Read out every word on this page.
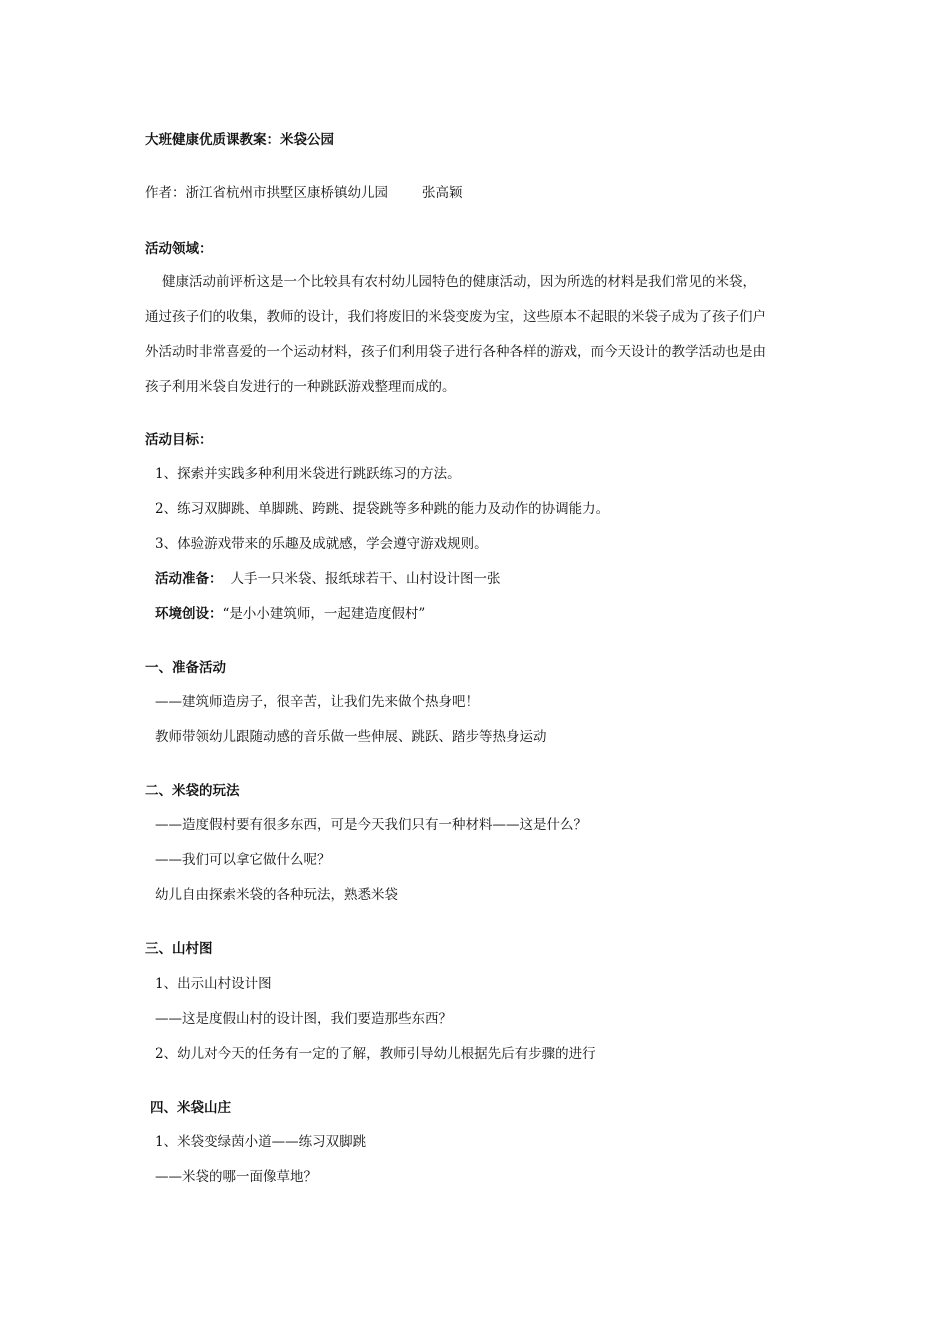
大班健康优质课教案：米袋公园
作者：浙江省杭州市拱墅区康桥镇幼儿园	张高颖
活动领域：
健康活动前评析这是一个比较具有农村幼儿园特色的健康活动，因为所选的材料是我们常见的米袋，
通过孩子们的收集，教师的设计，我们将废旧的米袋变废为宝，这些原本不起眼的米袋子成为了孩子们户
外活动时非常喜爱的一个运动材料，孩子们利用袋子进行各种各样的游戏，而今天设计的教学活动也是由
孩子利用米袋自发进行的一种跳跃游戏整理而成的。
活动目标：
1、探索并实践多种利用米袋进行跳跃练习的方法。
2、练习双脚跳、单脚跳、跨跳、提袋跳等多种跳的能力及动作的协调能力。
3、体验游戏带来的乐趣及成就感，学会遵守游戏规则。
活动准备： 人手一只米袋、报纸球若干、山村设计图一张
环境创设：“是小小建筑师，一起建造度假村”
一、准备活动
——建筑师造房子，很辛苦，让我们先来做个热身吧！
教师带领幼儿跟随动感的音乐做一些伸展、跳跃、踏步等热身运动
二、米袋的玩法
——造度假村要有很多东西，可是今天我们只有一种材料——这是什么？
——我们可以拿它做什么呢？
幼儿自由探索米袋的各种玩法，熟悉米袋
三、山村图
1、出示山村设计图
——这是度假山村的设计图，我们要造那些东西？
2、幼儿对今天的任务有一定的了解，教师引导幼儿根据先后有步骤的进行
四、米袋山庄
1、米袋变绿茵小道——练习双脚跳
——米袋的哪一面像草地？
